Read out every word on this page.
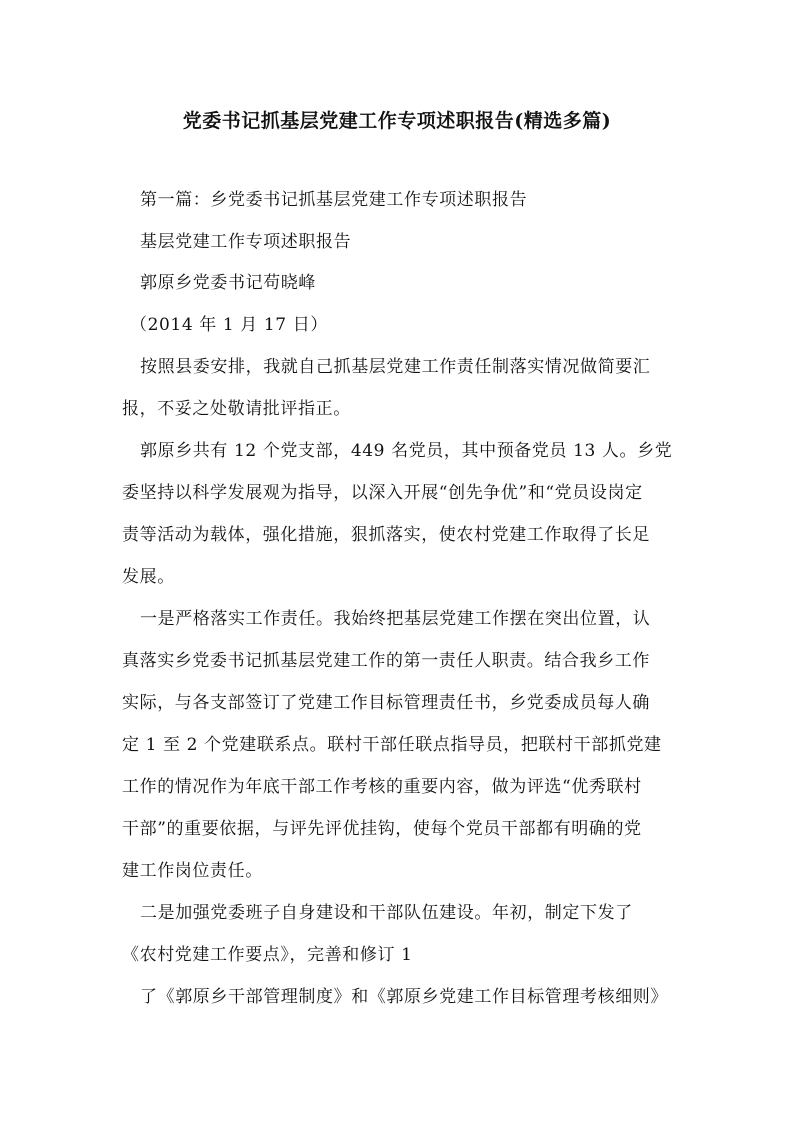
党委书记抓基层党建工作专项述职报告(精选多篇)
第一篇：乡党委书记抓基层党建工作专项述职报告
基层党建工作专项述职报告
郭原乡党委书记苟晓峰
（2014 年 1 月 17 日）
按照县委安排，我就自己抓基层党建工作责任制落实情况做简要汇
报，不妥之处敬请批评指正。
郭原乡共有 12 个党支部，449 名党员，其中预备党员 13 人。乡党
委坚持以科学发展观为指导，以深入开展“创先争优”和“党员设岗定
责等活动为载体，强化措施，狠抓落实，使农村党建工作取得了长足
发展。
一是严格落实工作责任。我始终把基层党建工作摆在突出位置，认
真落实乡党委书记抓基层党建工作的第一责任人职责。结合我乡工作
实际，与各支部签订了党建工作目标管理责任书，乡党委成员每人确
定 1 至 2 个党建联系点。联村干部任联点指导员，把联村干部抓党建
工作的情况作为年底干部工作考核的重要内容，做为评选“优秀联村
干部”的重要依据，与评先评优挂钩，使每个党员干部都有明确的党
建工作岗位责任。
二是加强党委班子自身建设和干部队伍建设。年初，制定下发了
《农村党建工作要点》，完善和修订 1
了《郭原乡干部管理制度》和《郭原乡党建工作目标管理考核细则》
